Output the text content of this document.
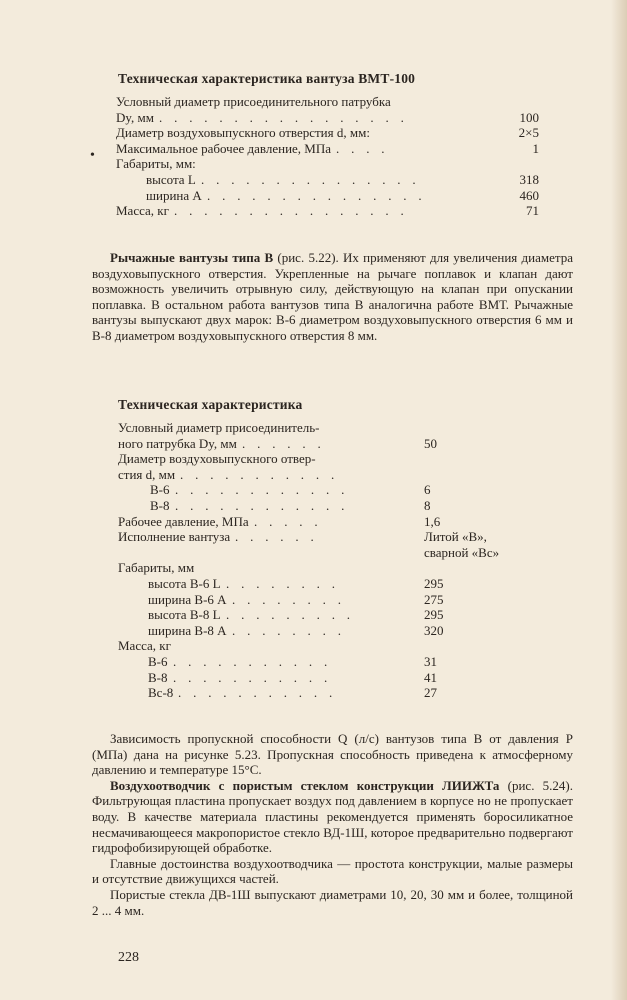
Техническая характеристика вантуза ВМТ-100
Условный диаметр присоединительного патрубка
Dy, мм . . . . . . . . . . . . . . . . .	100
Диаметр воздуховыпускного отверстия d, мм:	2×5
Максимальное рабочее давление, МПа . . . .	1
Габариты, мм:
высота L . . . . . . . . . . . . . . .	318
ширина A . . . . . . . . . . . . . . .	460
Масса, кг . . . . . . . . . . . . . . . .	71
•

Рычажные вантузы типа В (рис. 5.22). Их применяют для увеличения диаметра воздуховыпускного отверстия. Укрепленные на рычаге поплавок и клапан дают возможность увеличить отрывную силу, действующую на клапан при опускании поплавка. В остальном работа вантузов типа В аналогична работе ВМТ. Рычажные вантузы выпускают двух марок: В-6 диаметром воздуховыпускного отверстия 6 мм и В-8 диаметром воздуховыпускного отверстия 8 мм.

Техническая характеристика
Условный диаметр присоединитель-
ного патрубка Dy, мм . . . . . .	50
Диаметр воздуховыпускного отвер-
стия d, мм . . . . . . . . . . .
В-6 . . . . . . . . . . . .	6
В-8 . . . . . . . . . . . .	8
Рабочее давление, МПа . . . . .	1,6
Исполнение вантуза . . . . . .	Литой «В»,
сварной «Вс»
Габариты, мм
высота В-6 L . . . . . . . .	295
ширина В-6 A . . . . . . . .	275
высота В-8 L . . . . . . . . .	295
ширина В-8 A . . . . . . . .	320
Масса, кг
В-6 . . . . . . . . . . .	31
В-8 . . . . . . . . . . .	41
Вс-8 . . . . . . . . . . .	27

Зависимость пропускной способности Q (л/с) вантузов типа В от давления P (МПа) дана на рисунке 5.23. Пропускная способность приведена к атмосферному давлению и температуре 15°С.

Воздухоотводчик с пористым стеклом конструкции ЛИИЖТа (рис. 5.24). Фильтрующая пластина пропускает воздух под давлением в корпусе но не пропускает воду. В качестве материала пластины рекомендуется применять боросиликатное несмачивающееся макропористое стекло ВД-1Ш, которое предварительно подвергают гидрофобизирующей обработке.

Главные достоинства воздухоотводчика — простота конструкции, малые размеры и отсутствие движущихся частей.

Пористые стекла ДВ-1Ш выпускают диаметрами 10, 20, 30 мм и более, толщиной 2 ... 4 мм.

228
